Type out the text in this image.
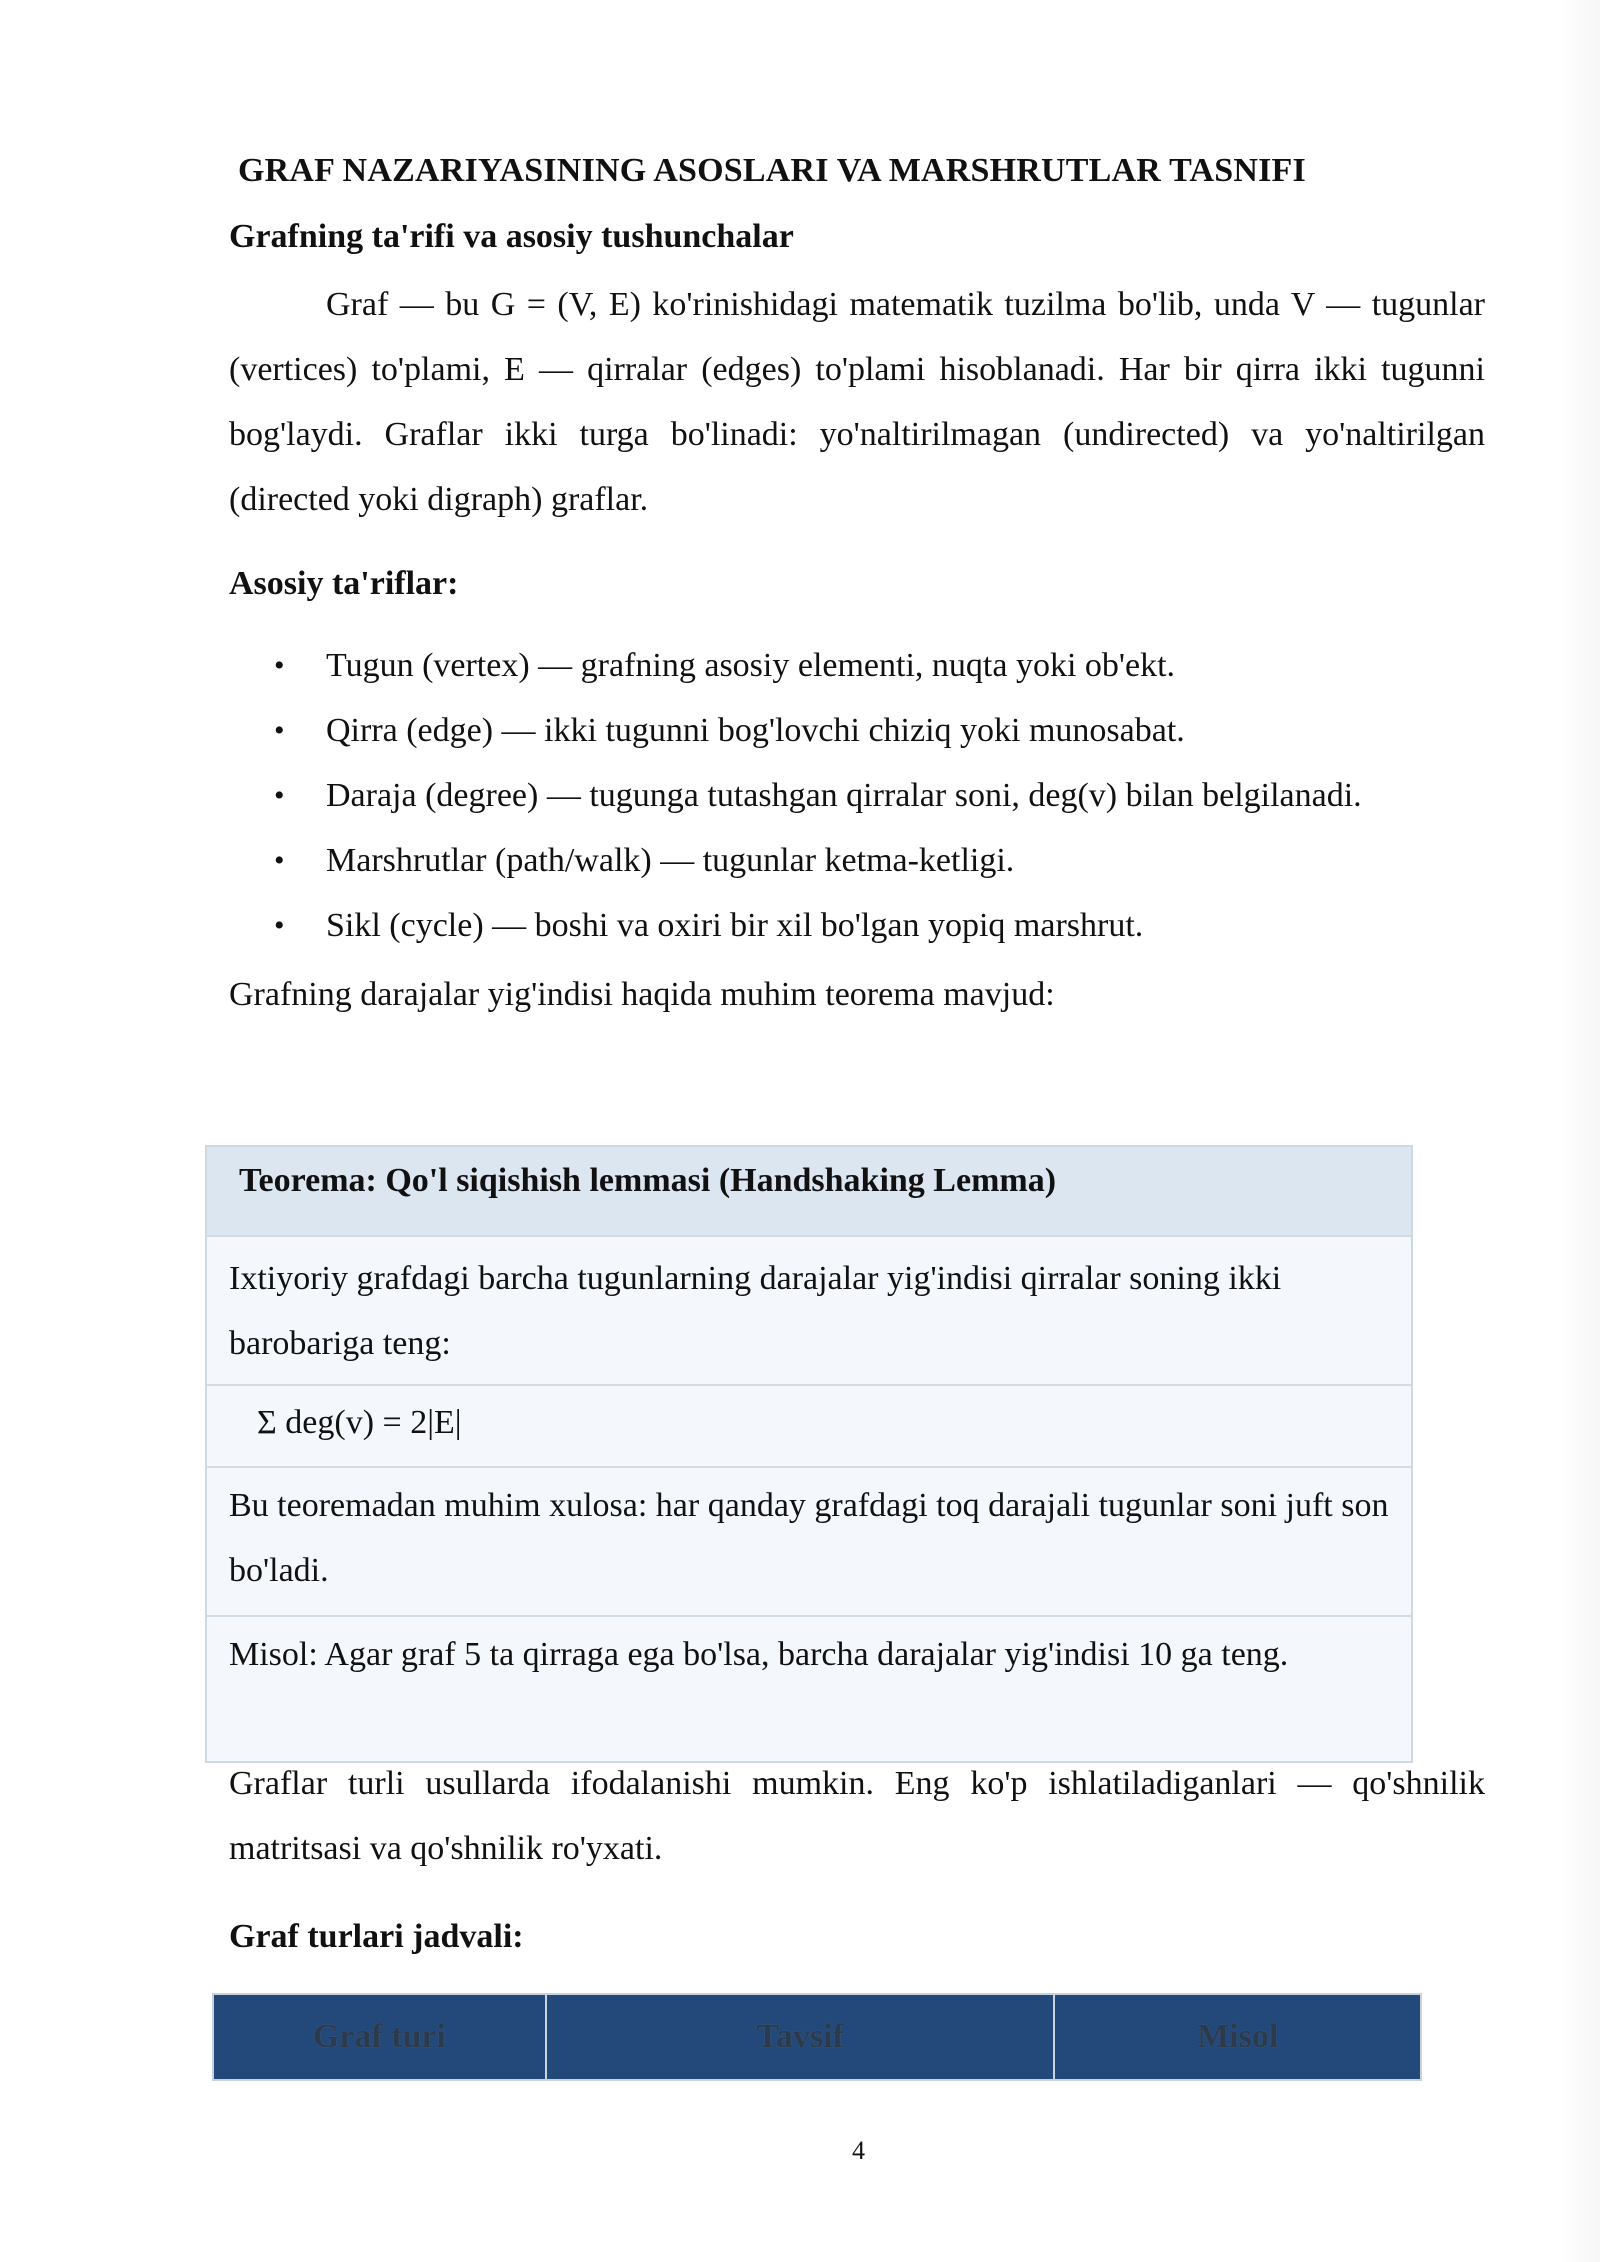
GRAF NAZARIYASINING ASOSLARI VA MARSHRUTLAR TASNIFI
Grafning ta'rifi va asosiy tushunchalar

Graf — bu G = (V, E) ko'rinishidagi matematik tuzilma bo'lib, unda V — tugunlar (vertices) to'plami, E — qirralar (edges) to'plami hisoblanadi. Har bir qirra ikki tugunni bog'laydi. Graflar ikki turga bo'linadi: yo'naltirilmagan (undirected) va yo'naltirilgan (directed yoki digraph) graflar.

Asosiy ta'riflar:
• Tugun (vertex) — grafning asosiy elementi, nuqta yoki ob'ekt.
• Qirra (edge) — ikki tugunni bog'lovchi chiziq yoki munosabat.
• Daraja (degree) — tugunga tutashgan qirralar soni, deg(v) bilan belgilanadi.
• Marshrutlar (path/walk) — tugunlar ketma-ketligi.
• Sikl (cycle) — boshi va oxiri bir xil bo'lgan yopiq marshrut.
Grafning darajalar yig'indisi haqida muhim teorema mavjud:
Teorema: Qo'l siqishish lemmasi (Handshaking Lemma)
Ixtiyoriy grafdagi barcha tugunlarning darajalar yig'indisi qirralar soning ikki barobariga teng:
Σ deg(v) = 2|E|
Bu teoremadan muhim xulosa: har qanday grafdagi toq darajali tugunlar soni juft son bo'ladi.
Misol: Agar graf 5 ta qirraga ega bo'lsa, barcha darajalar yig'indisi 10 ga teng.

Graflar turli usullarda ifodalanishi mumkin. Eng ko'p ishlatiladiganlari — qo'shnilik matritsasi va qo'shnilik ro'yxati.

Graf turlari jadvali:
Graf turi	Tavsif	Misol
4
